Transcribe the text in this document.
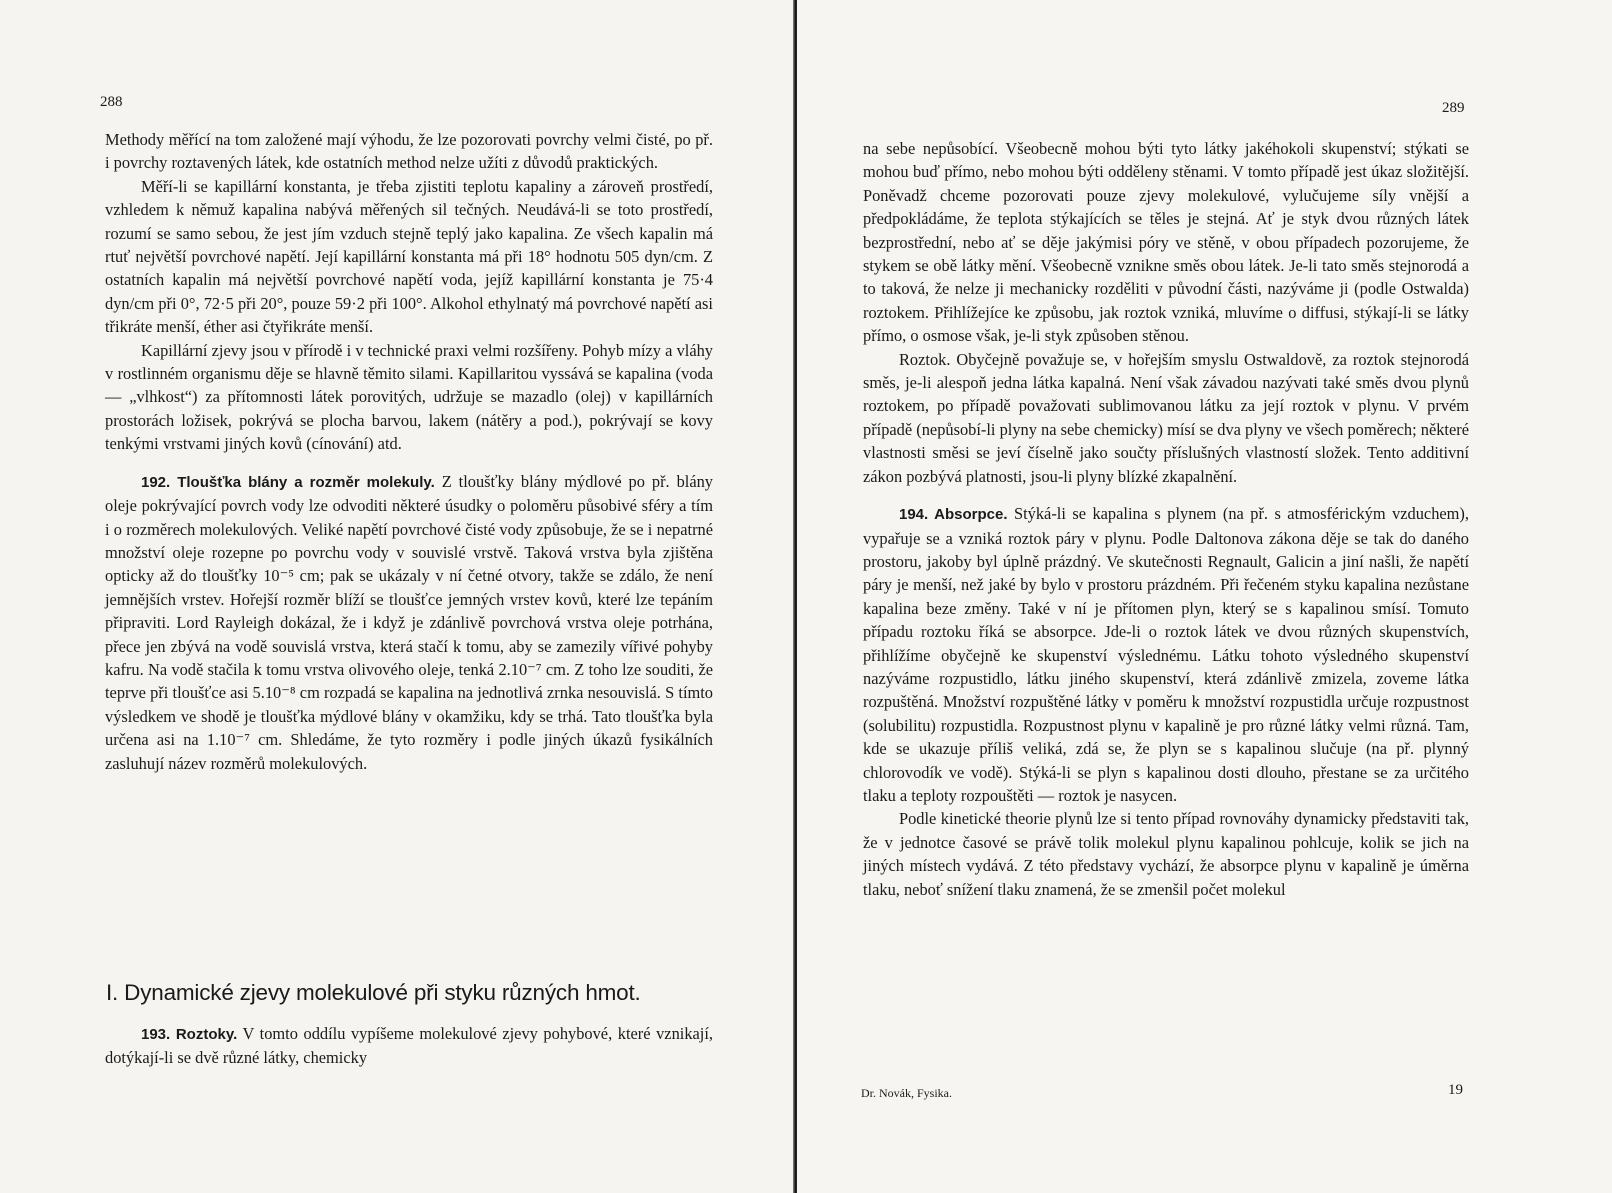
288

Methody měřící na tom založené mají výhodu, že lze pozorovati povrchy velmi čisté, po př. i povrchy roztavených látek, kde ostatních method nelze užíti z důvodů praktických.

Měří-li se kapillární konstanta, je třeba zjistiti teplotu kapaliny a zároveň prostředí, vzhledem k němuž kapalina nabývá měřených sil tečných. Neudává-li se toto prostředí, rozumí se samo sebou, že jest jím vzduch stejně teplý jako kapalina. Ze všech kapalin má rtuť největší povrchové napětí. Její kapillární konstanta má při 18° hodnotu 505 dyn/cm. Z ostatních kapalin má největší povrchové napětí voda, jejíž kapillární konstanta je 75·4 dyn/cm při 0°, 72·5 při 20°, pouze 59·2 při 100°. Alkohol ethylnatý má povrchové napětí asi třikráte menší, éther asi čtyřikráte menší.

Kapillární zjevy jsou v přírodě i v technické praxi velmi rozšířeny. Pohyb mízy a vláhy v rostlinném organismu děje se hlavně těmito silami. Kapillaritou vyssává se kapalina (voda — „vlhkost“) za přítomnosti látek porovitých, udržuje se mazadlo (olej) v kapillárních prostorách ložisek, pokrývá se plocha barvou, lakem (nátěry a pod.), pokrývají se kovy tenkými vrstvami jiných kovů (cínování) atd.

192. Tloušťka blány a rozměr molekuly. Z tloušťky blány mýdlové po př. blány oleje pokrývající povrch vody lze odvoditi některé úsudky o poloměru působivé sféry a tím i o rozměrech molekulových. Veliké napětí povrchové čisté vody způsobuje, že se i nepatrné množství oleje rozepne po povrchu vody v souvislé vrstvě. Taková vrstva byla zjištěna opticky až do tloušťky 10⁻⁵ cm; pak se ukázaly v ní četné otvory, takže se zdálo, že není jemnějších vrstev. Hořejší rozměr blíží se tloušťce jemných vrstev kovů, které lze tepáním připraviti. Lord Rayleigh dokázal, že i když je zdánlivě povrchová vrstva oleje potrhána, přece jen zbývá na vodě souvislá vrstva, která stačí k tomu, aby se zamezily vířivé pohyby kafru. Na vodě stačila k tomu vrstva olivového oleje, tenká 2.10⁻⁷ cm. Z toho lze souditi, že teprve při tloušťce asi 5.10⁻⁸ cm rozpadá se kapalina na jednotlivá zrnka nesouvislá. S tímto výsledkem ve shodě je tloušťka mýdlové blány v okamžiku, kdy se trhá. Tato tloušťka byla určena asi na 1.10⁻⁷ cm. Shledáme, že tyto rozměry i podle jiných úkazů fysikálních zasluhují název rozměrů molekulových.

I. Dynamické zjevy molekulové při styku různých hmot.

193. Roztoky. V tomto oddílu vypíšeme molekulové zjevy pohybové, které vznikají, dotýkají-li se dvě různé látky, chemicky

289

na sebe nepůsobící. Všeobecně mohou býti tyto látky jakéhokoli skupenství; stýkati se mohou buď přímo, nebo mohou býti odděleny stěnami. V tomto případě jest úkaz složitější. Poněvadž chceme pozorovati pouze zjevy molekulové, vylučujeme síly vnější a předpokládáme, že teplota stýkajících se těles je stejná. Ať je styk dvou různých látek bezprostřední, nebo ať se děje jakýmisi póry ve stěně, v obou případech pozorujeme, že stykem se obě látky mění. Všeobecně vznikne směs obou látek. Je-li tato směs stejnorodá a to taková, že nelze ji mechanicky rozděliti v původní části, nazýváme ji (podle Ostwalda) roztokem. Přihlížejíce ke způsobu, jak roztok vzniká, mluvíme o diffusi, stýkají-li se látky přímo, o osmose však, je-li styk způsoben stěnou.

Roztok. Obyčejně považuje se, v hořejším smyslu Ostwaldově, za roztok stejnorodá směs, je-li alespoň jedna látka kapalná. Není však závadou nazývati také směs dvou plynů roztokem, po případě považovati sublimovanou látku za její roztok v plynu. V prvém případě (nepůsobí-li plyny na sebe chemicky) mísí se dva plyny ve všech poměrech; některé vlastnosti směsi se jeví číselně jako součty příslušných vlastností složek. Tento additivní zákon pozbývá platnosti, jsou-li plyny blízké zkapalnění.

194. Absorpce. Stýká-li se kapalina s plynem (na př. s atmosférickým vzduchem), vypařuje se a vzniká roztok páry v plynu. Podle Daltonova zákona děje se tak do daného prostoru, jakoby byl úplně prázdný. Ve skutečnosti Regnault, Galicin a jiní našli, že napětí páry je menší, než jaké by bylo v prostoru prázdném. Při řečeném styku kapalina nezůstane kapalina beze změny. Také v ní je přítomen plyn, který se s kapalinou smísí. Tomuto případu roztoku říká se absorpce. Jde-li o roztok látek ve dvou různých skupenstvích, přihlížíme obyčejně ke skupenství výslednému. Látku tohoto výsledného skupenství nazýváme rozpustidlo, látku jiného skupenství, která zdánlivě zmizela, zoveme látka rozpuštěná. Množství rozpuštěné látky v poměru k množství rozpustidla určuje rozpustnost (solubilitu) rozpustidla. Rozpustnost plynu v kapalině je pro různé látky velmi různá. Tam, kde se ukazuje příliš veliká, zdá se, že plyn se s kapalinou slučuje (na př. plynný chlorovodík ve vodě). Stýká-li se plyn s kapalinou dosti dlouho, přestane se za určitého tlaku a teploty rozpouštěti — roztok je nasycen.

Podle kinetické theorie plynů lze si tento případ rovnováhy dynamicky představiti tak, že v jednotce časové se právě tolik molekul plynu kapalinou pohlcuje, kolik se jich na jiných místech vydává. Z této představy vychází, že absorpce plynu v kapalině je úměrna tlaku, neboť snížení tlaku znamená, že se zmenšil počet molekul

Dr. Novák, Fysika.	19
